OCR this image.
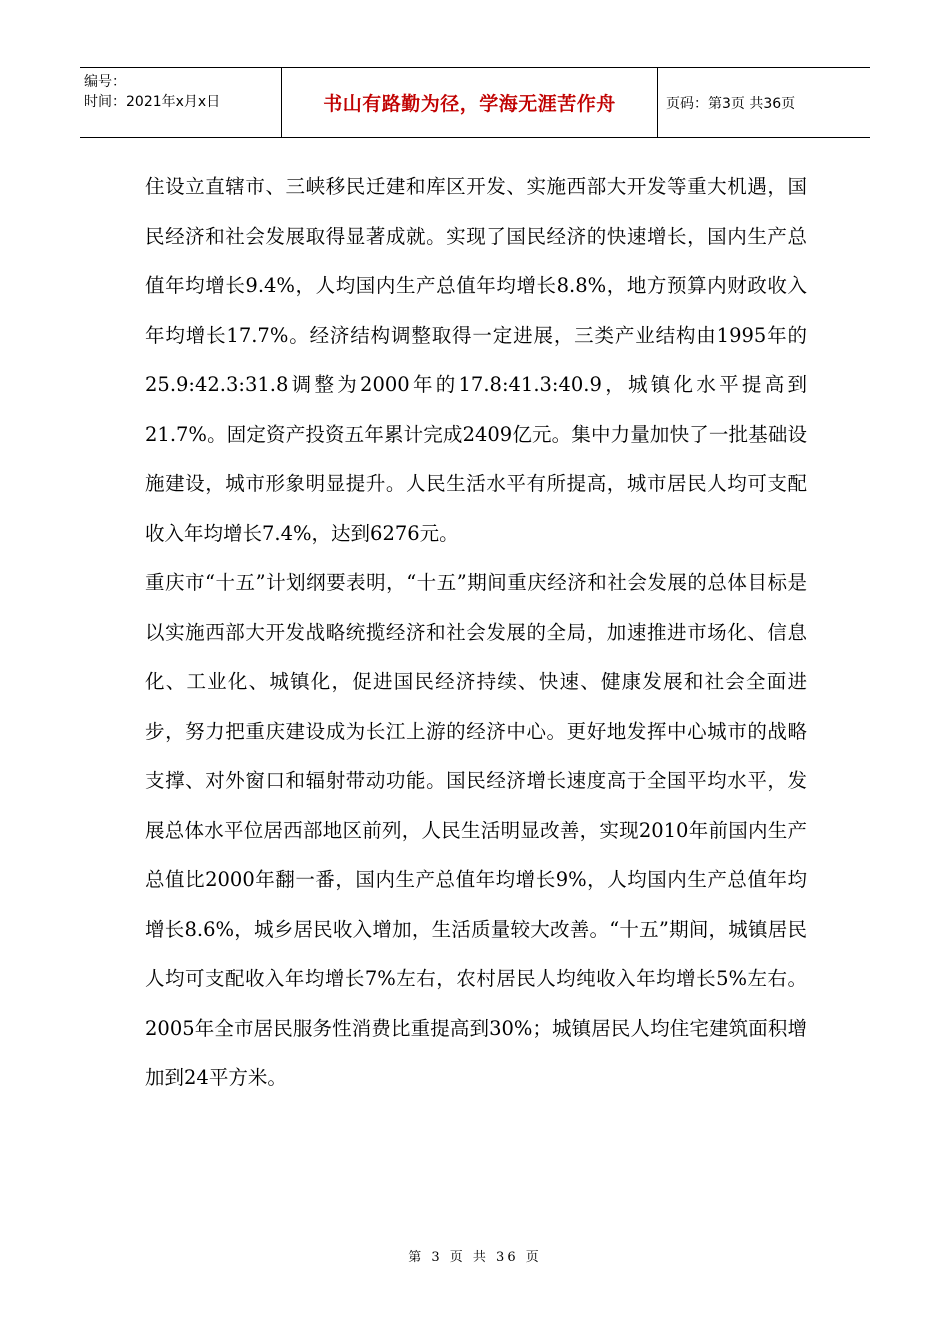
编号：
时间：2021年x月x日	书山有路勤为径，学海无涯苦作舟	页码：第3页 共36页

住设立直辖市、三峡移民迁建和库区开发、实施西部大开发等重大机遇，国民经济和社会发展取得显著成就。实现了国民经济的快速增长，国内生产总值年均增长9.4%，人均国内生产总值年均增长8.8%，地方预算内财政收入年均增长17.7%。经济结构调整取得一定进展，三类产业结构由1995年的25.9:42.3:31.8调整为2000年的17.8:41.3:40.9，城镇化水平提高到21.7%。固定资产投资五年累计完成2409亿元。集中力量加快了一批基础设施建设，城市形象明显提升。人民生活水平有所提高，城市居民人均可支配收入年均增长7.4%，达到6276元。

重庆市“十五”计划纲要表明，“十五”期间重庆经济和社会发展的总体目标是以实施西部大开发战略统揽经济和社会发展的全局，加速推进市场化、信息化、工业化、城镇化，促进国民经济持续、快速、健康发展和社会全面进步，努力把重庆建设成为长江上游的经济中心。更好地发挥中心城市的战略支撑、对外窗口和辐射带动功能。国民经济增长速度高于全国平均水平，发展总体水平位居西部地区前列，人民生活明显改善，实现2010年前国内生产总值比2000年翻一番，国内生产总值年均增长9%，人均国内生产总值年均增长8.6%，城乡居民收入增加，生活质量较大改善。“十五”期间，城镇居民人均可支配收入年均增长7%左右，农村居民人均纯收入年均增长5%左右。2005年全市居民服务性消费比重提高到30%；城镇居民人均住宅建筑面积增加到24平方米。

第 3 页 共 36 页
